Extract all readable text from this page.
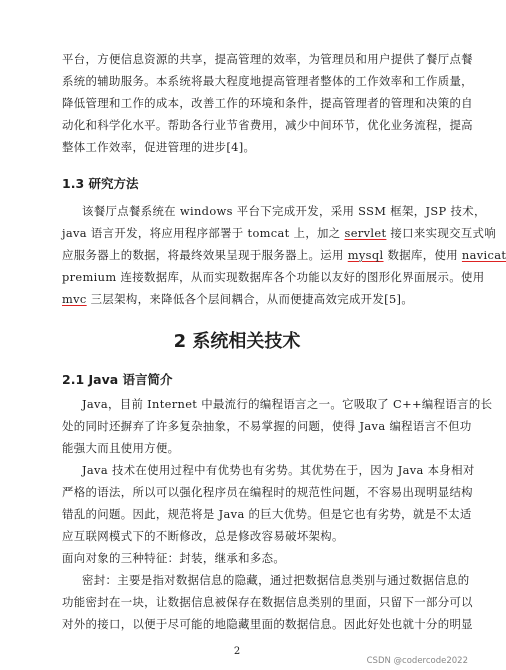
平台，方便信息资源的共享，提高管理的效率，为管理员和用户提供了餐厅点餐
系统的辅助服务。本系统将最大程度地提高管理者整体的工作效率和工作质量，
降低管理和工作的成本，改善工作的环境和条件，提高管理者的管理和决策的自
动化和科学化水平。帮助各行业节省费用，减少中间环节，优化业务流程，提高
整体工作效率，促进管理的进步[4]。
1.3 研究方法
该餐厅点餐系统在 windows 平台下完成开发，采用 SSM 框架，JSP 技术，
java 语言开发，将应用程序部署于 tomcat 上，加之 servlet 接口来实现交互式响
应服务器上的数据，将最终效果呈现于服务器上。运用 mysql 数据库，使用 navicat
premium 连接数据库，从而实现数据库各个功能以友好的图形化界面展示。使用
mvc 三层架构，来降低各个层间耦合，从而便捷高效完成开发[5]。
2 系统相关技术
2.1 Java 语言简介
Java，目前 Internet 中最流行的编程语言之一。它吸取了 C++编程语言的长
处的同时还摒弃了许多复杂抽象，不易掌握的问题，使得 Java 编程语言不但功
能强大而且使用方便。
Java 技术在使用过程中有优势也有劣势。其优势在于，因为 Java 本身相对
严格的语法，所以可以强化程序员在编程时的规范性问题，不容易出现明显结构
错乱的问题。因此，规范将是 Java 的巨大优势。但是它也有劣势，就是不太适
应互联网模式下的不断修改，总是修改容易破坏架构。
面向对象的三种特征：封装，继承和多态。
密封：主要是指对数据信息的隐藏，通过把数据信息类别与通过数据信息的
功能密封在一块，让数据信息被保存在数据信息类别的里面，只留下一部分可以
对外的接口，以便于尽可能的地隐藏里面的数据信息。因此好处也就十分的明显
2
CSDN @codercode2022
